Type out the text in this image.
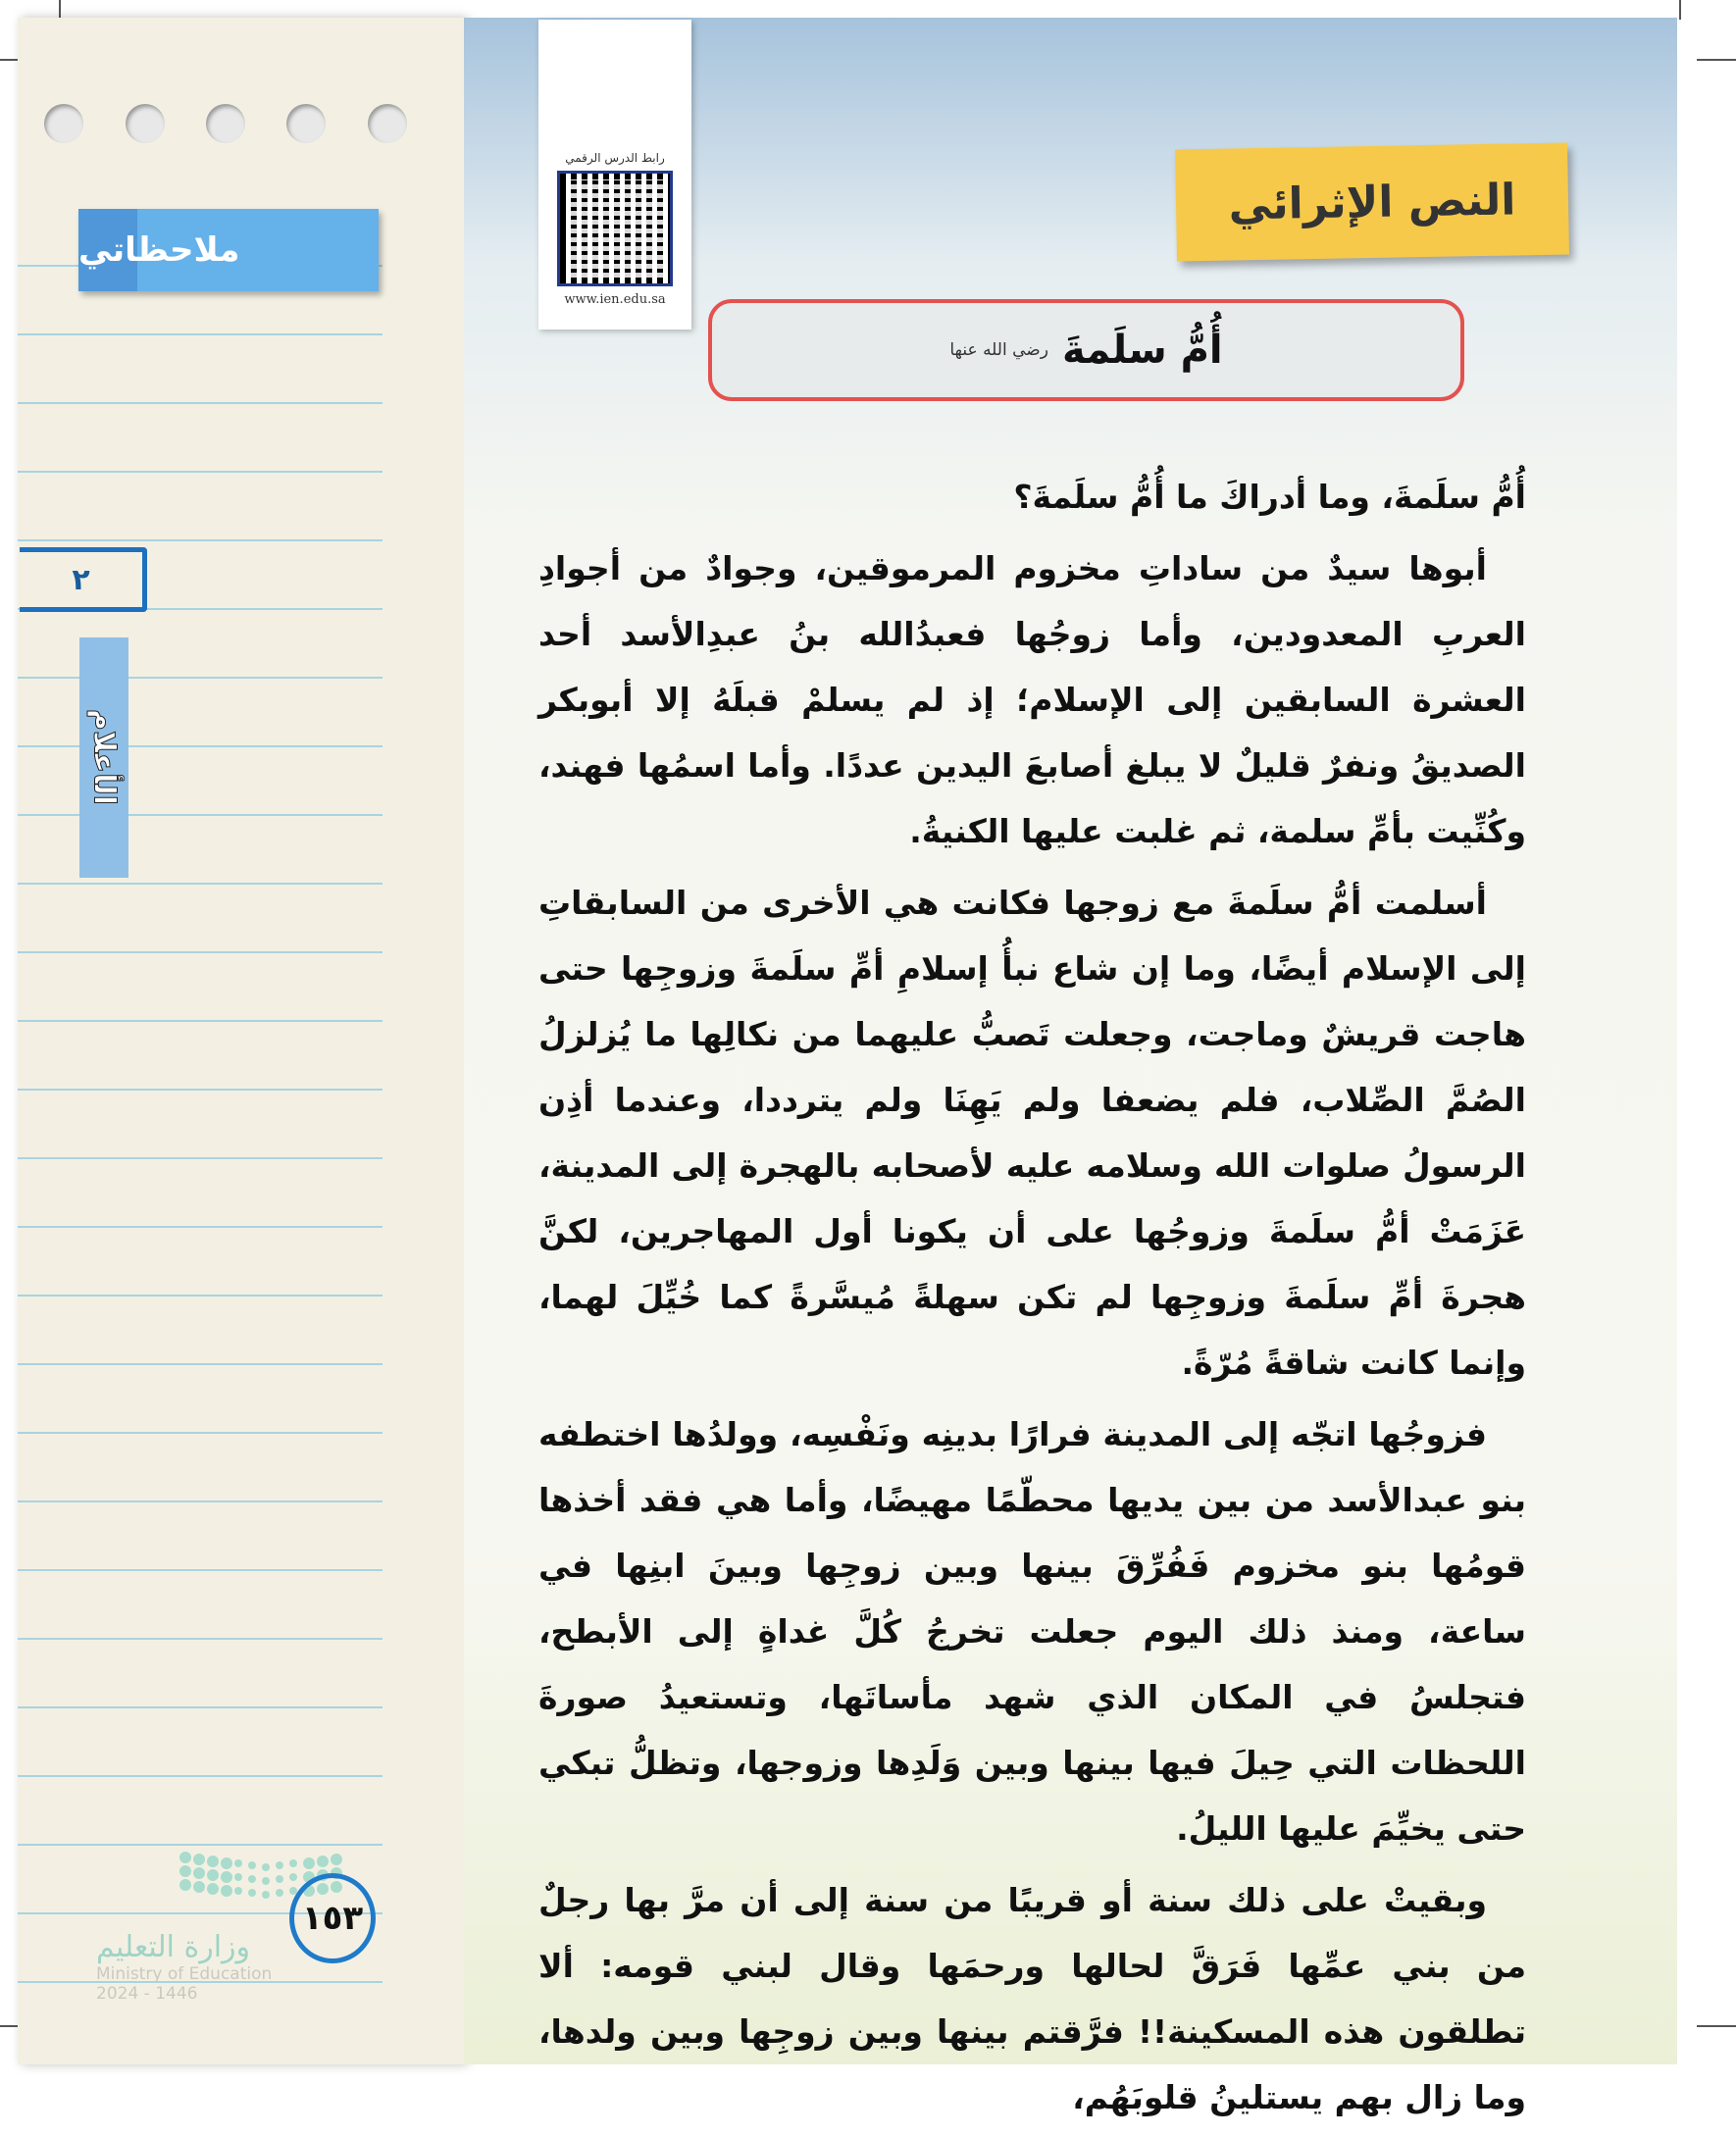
ملاحظاتي
٢
الأعلام
١٥٣
وزارة التعليم
Ministry of Education
2024 - 1446
رابط الدرس الرقمي
www.ien.edu.sa
النص الإثرائي
أُمُّ سلَمةَ
رضي الله عنها

أُمُّ سلَمةَ، وما أدراكَ ما أُمُّ سلَمةَ؟

أبوها سيدٌ من ساداتِ مخزوم المرموقين، وجوادٌ من أجوادِ العربِ المعدودين، وأما زوجُها فعبدُالله بنُ عبدِالأسد أحد العشرة السابقين إلى الإسلام؛ إذ لم يسلمْ قبلَهُ إلا أبوبكر الصديقُ ونفرٌ قليلٌ لا يبلغ أصابعَ اليدين عددًا. وأما اسمُها فهند، وكُنِّيت بأمِّ سلمة، ثم غلبت عليها الكنيةُ.

أسلمت أمُّ سلَمةَ مع زوجها فكانت هي الأخرى من السابقاتِ إلى الإسلام أيضًا، وما إن شاع نبأُ إسلامِ أمِّ سلَمةَ وزوجِها حتى هاجت قريشٌ وماجت، وجعلت تَصبُّ عليهما من نكالِها ما يُزلزلُ الصُمَّ الصِّلاب، فلم يضعفا ولم يَهِنَا ولم يترددا، وعندما أذِن الرسولُ صلوات الله وسلامه عليه لأصحابه بالهجرة إلى المدينة، عَزَمَتْ أمُّ سلَمةَ وزوجُها على أن يكونا أول المهاجرين، لكنَّ هجرةَ أمِّ سلَمةَ وزوجِها لم تكن سهلةً مُيسَّرةً كما خُيِّلَ لهما، وإنما كانت شاقةً مُرّةً.

فزوجُها اتجّه إلى المدينة فرارًا بدينِه ونَفْسِه، وولدُها اختطفه بنو عبدالأسد من بين يديها محطّمًا مهيضًا، وأما هي فقد أخذها قومُها بنو مخزوم فَفُرِّقَ بينها وبين زوجِها وبينَ ابنِها في ساعة، ومنذ ذلك اليوم جعلت تخرجُ كُلَّ غداةٍ إلى الأبطح، فتجلسُ في المكان الذي شهد مأساتَها، وتستعيدُ صورةَ اللحظات التي حِيلَ فيها بينها وبين وَلَدِها وزوجها، وتظلُّ تبكي حتى يخيِّمَ عليها الليلُ.

وبقيتْ على ذلك سنة أو قريبًا من سنة إلى أن مرَّ بها رجلٌ من بني عمِّها فَرَقَّ لحالها ورحمَها وقال لبني قومه: ألا تطلقون هذه المسكينة!! فرَّقتم بينها وبين زوجِها وبين ولدها، وما زال بهم يستلينُ قلوبَهُم،
